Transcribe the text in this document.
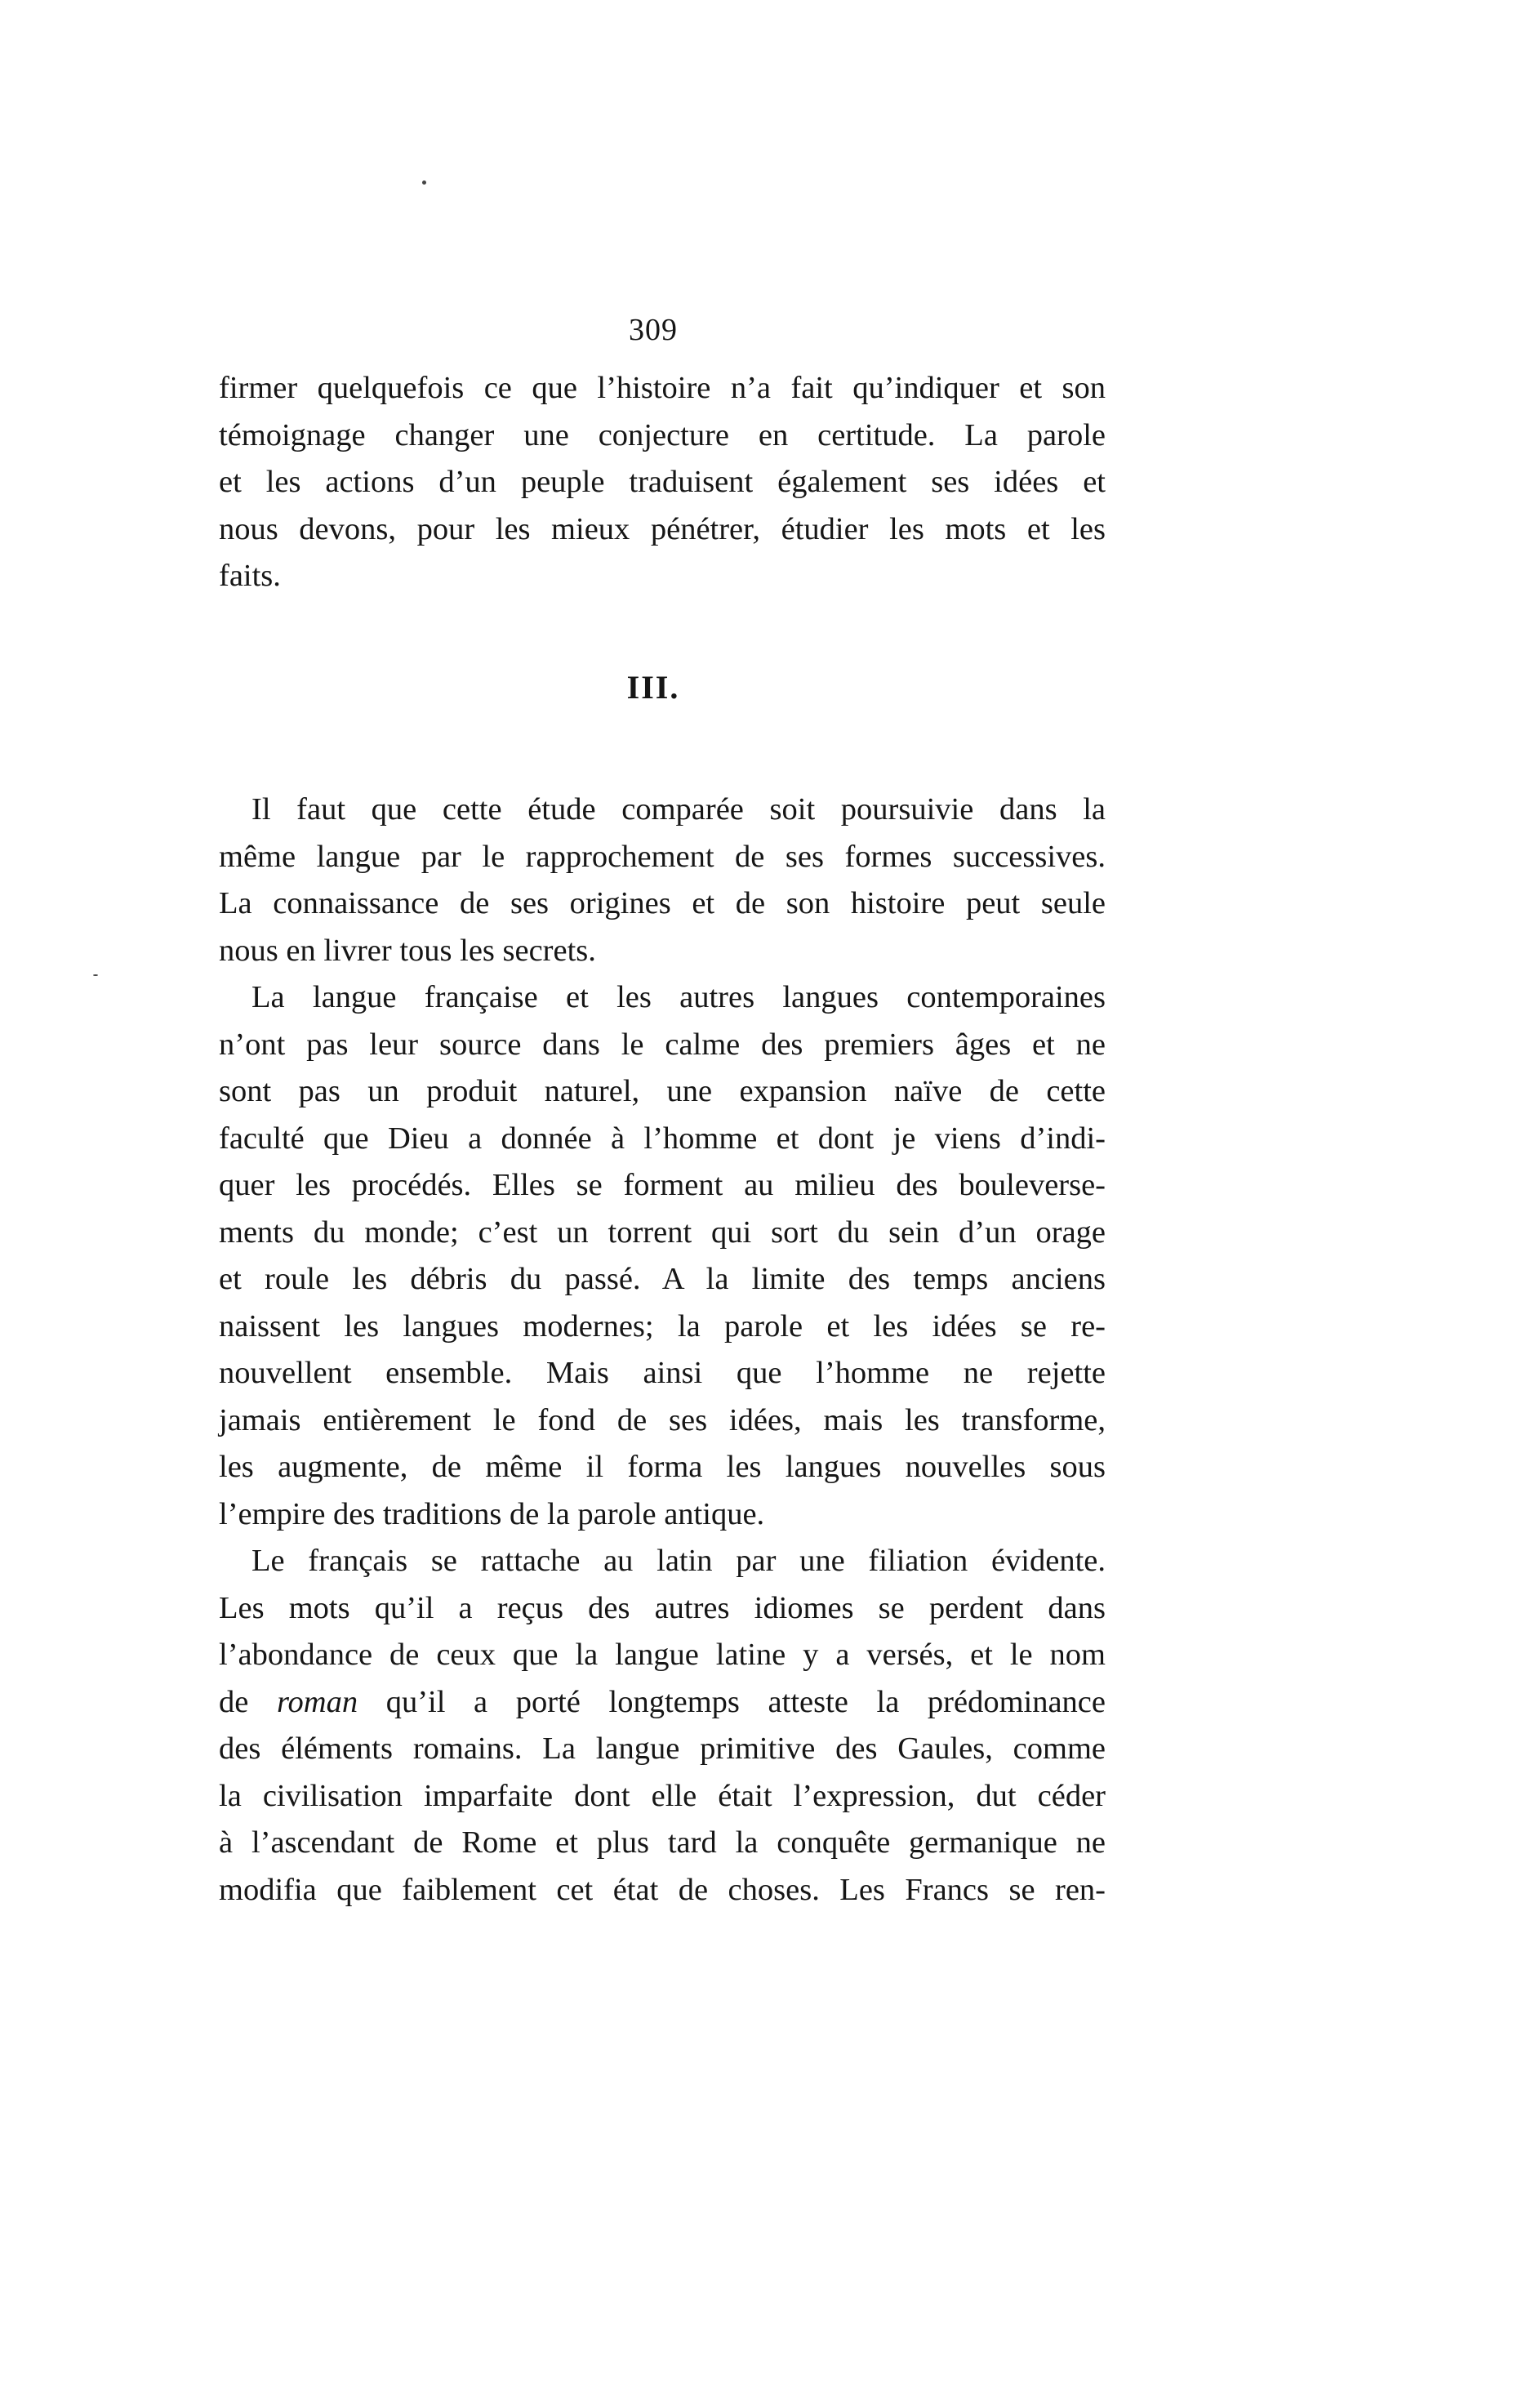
309
firmer quelquefois ce que l’histoire n’a fait qu’indiquer et son
témoignage changer une conjecture en certitude. La parole
et les actions d’un peuple traduisent également ses idées et
nous devons, pour les mieux pénétrer, étudier les mots et les
faits.
III.

Il faut que cette étude comparée soit poursuivie dans la
même langue par le rapprochement de ses formes successives.
La connaissance de ses origines et de son histoire peut seule
nous en livrer tous les secrets.

La langue française et les autres langues contemporaines
n’ont pas leur source dans le calme des premiers âges et ne
sont pas un produit naturel, une expansion naïve de cette
faculté que Dieu a donnée à l’homme et dont je viens d’indi-
quer les procédés. Elles se forment au milieu des bouleverse-
ments du monde; c’est un torrent qui sort du sein d’un orage
et roule les débris du passé. A la limite des temps anciens
naissent les langues modernes; la parole et les idées se re-
nouvellent ensemble. Mais ainsi que l’homme ne rejette
jamais entièrement le fond de ses idées, mais les transforme,
les augmente, de même il forma les langues nouvelles sous
l’empire des traditions de la parole antique.

Le français se rattache au latin par une filiation évidente.
Les mots qu’il a reçus des autres idiomes se perdent dans
l’abondance de ceux que la langue latine y a versés, et le nom
de roman qu’il a porté longtemps atteste la prédominance
des éléments romains. La langue primitive des Gaules, comme
la civilisation imparfaite dont elle était l’expression, dut céder
à l’ascendant de Rome et plus tard la conquête germanique ne
modifia que faiblement cet état de choses. Les Francs se ren-
